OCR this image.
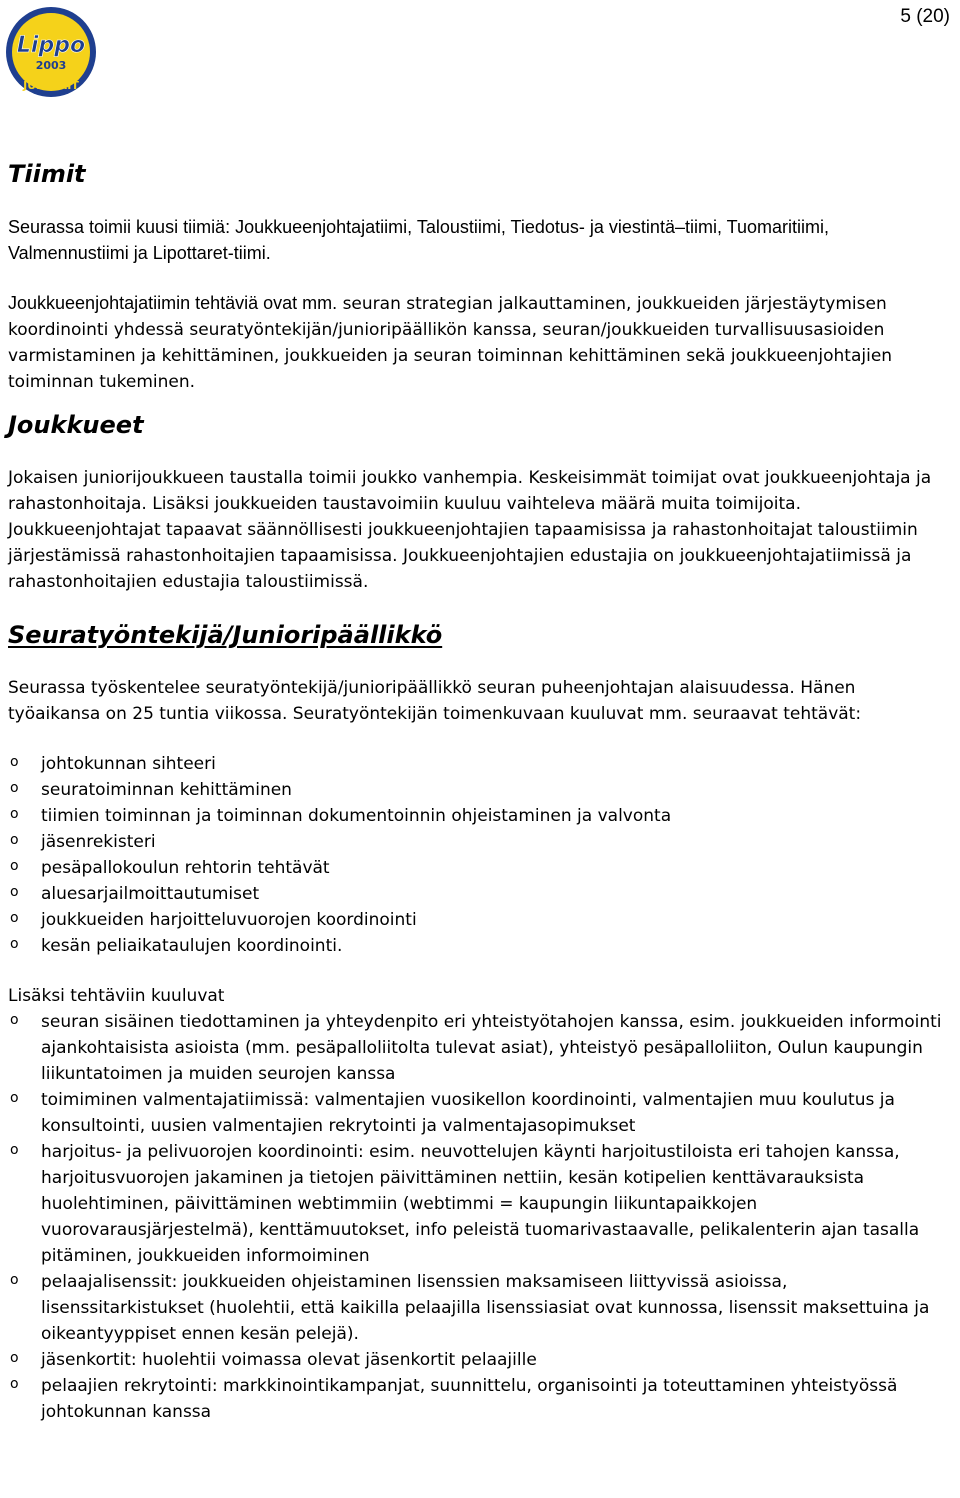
5 (20)
Lippo
2003
JUNIORIT
Tiimit

Seurassa toimii kuusi tiimiä: Joukkueenjohtajatiimi, Taloustiimi, Tiedotus- ja viestintä–tiimi, Tuomaritiimi, Valmennustiimi ja Lipottaret-tiimi.

Joukkueenjohtajatiimin tehtäviä ovat mm. seuran strategian jalkauttaminen, joukkueiden järjestäytymisen koordinointi yhdessä seuratyöntekijän/junioripäällikön kanssa, seuran/joukkueiden turvallisuusasioiden varmistaminen ja kehittäminen, joukkueiden ja seuran toiminnan kehittäminen sekä joukkueenjohtajien toiminnan tukeminen.

Joukkueet

Jokaisen juniorijoukkueen taustalla toimii joukko vanhempia. Keskeisimmät toimijat ovat joukkueenjohtaja ja rahastonhoitaja. Lisäksi joukkueiden taustavoimiin kuuluu vaihteleva määrä muita toimijoita. Joukkueenjohtajat tapaavat säännöllisesti joukkueenjohtajien tapaamisissa ja rahastonhoitajat taloustiimin järjestämissä rahastonhoitajien tapaamisissa. Joukkueenjohtajien edustajia on joukkueenjohtajatiimissä ja rahastonhoitajien edustajia taloustiimissä.

Seuratyöntekijä/Junioripäällikkö

Seurassa työskentelee seuratyöntekijä/junioripäällikkö seuran puheenjohtajan alaisuudessa. Hänen työaikansa on 25 tuntia viikossa. Seuratyöntekijän toimenkuvaan kuuluvat mm. seuraavat tehtävät:

o johtokunnan sihteeri
o seuratoiminnan kehittäminen
o tiimien toiminnan ja toiminnan dokumentoinnin ohjeistaminen ja valvonta
o jäsenrekisteri
o pesäpallokoulun rehtorin tehtävät
o aluesarjailmoittautumiset
o joukkueiden harjoitteluvuorojen koordinointi
o kesän peliaikataulujen koordinointi.

Lisäksi tehtäviin kuuluvat

o seuran sisäinen tiedottaminen ja yhteydenpito eri yhteistyötahojen kanssa, esim. joukkueiden informointi ajankohtaisista asioista (mm. pesäpalloliitolta tulevat asiat), yhteistyö pesäpalloliiton, Oulun kaupungin liikuntatoimen ja muiden seurojen kanssa
o toimiminen valmentajatiimissä: valmentajien vuosikellon koordinointi, valmentajien muu koulutus ja konsultointi, uusien valmentajien rekrytointi ja valmentajasopimukset
o harjoitus- ja pelivuorojen koordinointi: esim. neuvottelujen käynti harjoitustiloista eri tahojen kanssa, harjoitusvuorojen jakaminen ja tietojen päivittäminen nettiin, kesän kotipelien kenttävarauksista huolehtiminen, päivittäminen webtimmiin (webtimmi = kaupungin liikuntapaikkojen vuorovarausjärjestelmä), kenttämuutokset, info peleistä tuomarivastaavalle, pelikalenterin ajan tasalla pitäminen, joukkueiden informoiminen
o pelaajalisenssit: joukkueiden ohjeistaminen lisenssien maksamiseen liittyvissä asioissa, lisenssitarkistukset (huolehtii, että kaikilla pelaajilla lisenssiasiat ovat kunnossa, lisenssit maksettuina ja oikeantyyppiset ennen kesän pelejä).
o jäsenkortit: huolehtii voimassa olevat jäsenkortit pelaajille
o pelaajien rekrytointi: markkinointikampanjat, suunnittelu, organisointi ja toteuttaminen yhteistyössä johtokunnan kanssa
